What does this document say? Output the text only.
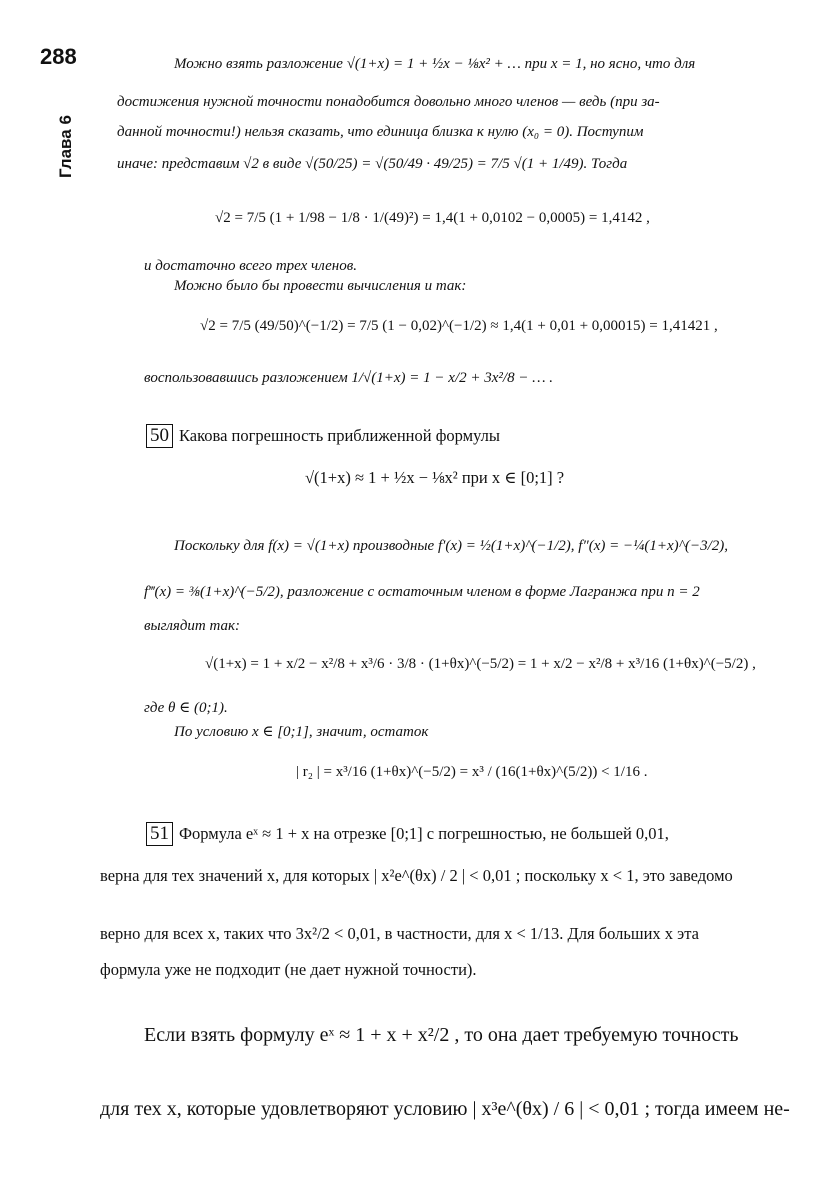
288
Глава 6
Можно взять разложение √(1+x) = 1 + ½x − ⅛x² + … при x = 1, но ясно, что для
достижения нужной точности понадобится довольно много членов — ведь (при за-
данной точности!) нельзя сказать, что единица близка к нулю (x₀ = 0). Поступим
иначе: представим √2 в виде √(50/25) = √(50/49 · 49/25) = 7/5 √(1 + 1/49). Тогда
√2 = 7/5 (1 + 1/98 − 1/8 · 1/(49)²) = 1,4(1 + 0,0102 − 0,0005) = 1,4142 ,
и достаточно всего трех членов.
Можно было бы провести вычисления и так:
√2 = 7/5 (49/50)^(−1/2) = 7/5 (1 − 0,02)^(−1/2) ≈ 1,4(1 + 0,01 + 0,00015) = 1,41421 ,
воспользовавшись разложением 1/√(1+x) = 1 − x/2 + 3x²/8 − … .
50 Какова погрешность приближенной формулы
√(1+x) ≈ 1 + ½x − ⅛x² при x ∈ [0;1] ?
Поскольку для f(x) = √(1+x) производные f′(x) = ½(1+x)^(−1/2), f″(x) = −¼(1+x)^(−3/2),
f‴(x) = ⅜(1+x)^(−5/2), разложение с остаточным членом в форме Лагранжа при n = 2
выглядит так:
√(1+x) = 1 + x/2 − x²/8 + x³/6 · 3/8 · (1+θx)^(−5/2) = 1 + x/2 − x²/8 + x³/16 (1+θx)^(−5/2) ,
где θ ∈ (0;1).
По условию x ∈ [0;1], значит, остаток
| r₂ | = x³/16 (1+θx)^(−5/2) = x³ / (16(1+θx)^(5/2)) < 1/16 .
51 Формула eˣ ≈ 1 + x на отрезке [0;1] с погрешностью, не большей 0,01,
верна для тех значений x, для которых | x²e^(θx) / 2 | < 0,01 ; поскольку x < 1, это заведомо
верно для всех x, таких что 3x²/2 < 0,01, в частности, для x < 1/13. Для больших x эта
формула уже не подходит (не дает нужной точности).
Если взять формулу eˣ ≈ 1 + x + x²/2 , то она дает требуемую точность
для тех x, которые удовлетворяют условию | x³e^(θx) / 6 | < 0,01 ; тогда имеем не-
